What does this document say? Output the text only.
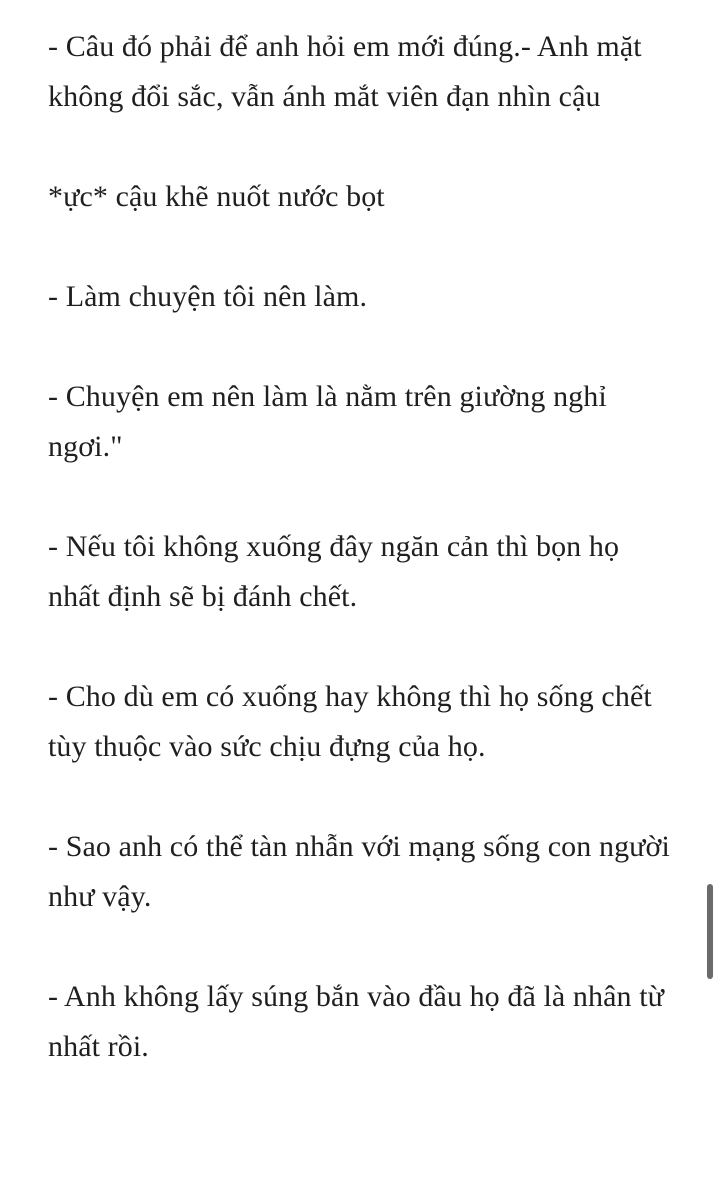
- Câu đó phải để anh hỏi em mới đúng.- Anh mặt không đổi sắc, vẫn ánh mắt viên đạn nhìn cậu

*ực* cậu khẽ nuốt nước bọt

- Làm chuyện tôi nên làm.

- Chuyện em nên làm là nằm trên giường nghỉ ngơi."

- Nếu tôi không xuống đây ngăn cản thì bọn họ nhất định sẽ bị đánh chết.

- Cho dù em có xuống hay không thì họ sống chết tùy thuộc vào sức chịu đựng của họ.

- Sao anh có thể tàn nhẫn với mạng sống con người như vậy.

- Anh không lấy súng bắn vào đầu họ đã là nhân từ nhất rồi.
